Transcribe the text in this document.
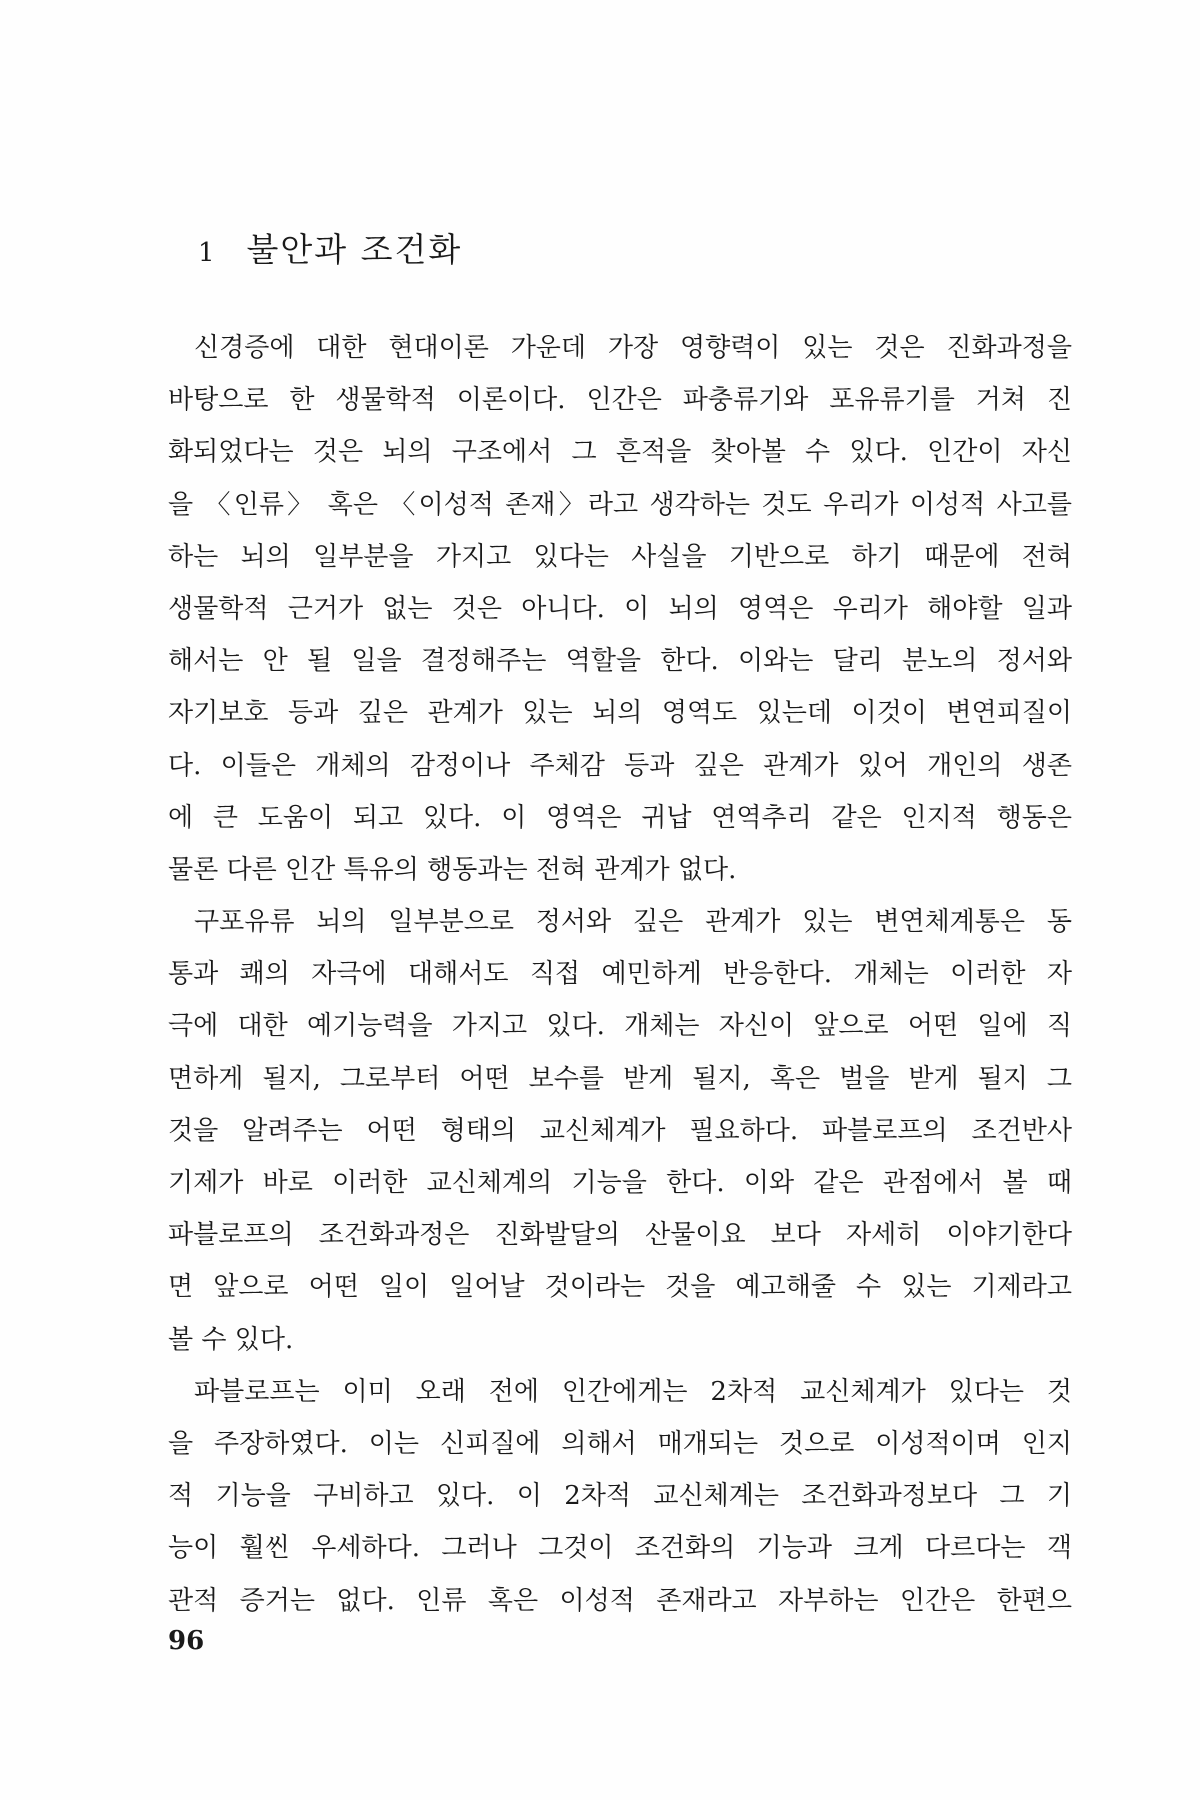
1 불안과 조건화
신경증에 대한 현대이론 가운데 가장 영향력이 있는 것은 진화과정을
바탕으로 한 생물학적 이론이다. 인간은 파충류기와 포유류기를 거쳐 진
화되었다는 것은 뇌의 구조에서 그 흔적을 찾아볼 수 있다. 인간이 자신
을 〈인류〉 혹은 〈이성적 존재〉라고 생각하는 것도 우리가 이성적 사고를
하는 뇌의 일부분을 가지고 있다는 사실을 기반으로 하기 때문에 전혀
생물학적 근거가 없는 것은 아니다. 이 뇌의 영역은 우리가 해야할 일과
해서는 안 될 일을 결정해주는 역할을 한다. 이와는 달리 분노의 정서와
자기보호 등과 깊은 관계가 있는 뇌의 영역도 있는데 이것이 변연피질이
다. 이들은 개체의 감정이나 주체감 등과 깊은 관계가 있어 개인의 생존
에 큰 도움이 되고 있다. 이 영역은 귀납 연역추리 같은 인지적 행동은
물론 다른 인간 특유의 행동과는 전혀 관계가 없다.
구포유류 뇌의 일부분으로 정서와 깊은 관계가 있는 변연체계통은 동
통과 쾌의 자극에 대해서도 직접 예민하게 반응한다. 개체는 이러한 자
극에 대한 예기능력을 가지고 있다. 개체는 자신이 앞으로 어떤 일에 직
면하게 될지, 그로부터 어떤 보수를 받게 될지, 혹은 벌을 받게 될지 그
것을 알려주는 어떤 형태의 교신체계가 필요하다. 파블로프의 조건반사
기제가 바로 이러한 교신체계의 기능을 한다. 이와 같은 관점에서 볼 때
파블로프의 조건화과정은 진화발달의 산물이요 보다 자세히 이야기한다
면 앞으로 어떤 일이 일어날 것이라는 것을 예고해줄 수 있는 기제라고
볼 수 있다.
파블로프는 이미 오래 전에 인간에게는 2차적 교신체계가 있다는 것
을 주장하였다. 이는 신피질에 의해서 매개되는 것으로 이성적이며 인지
적 기능을 구비하고 있다. 이 2차적 교신체계는 조건화과정보다 그 기
능이 훨씬 우세하다. 그러나 그것이 조건화의 기능과 크게 다르다는 객
관적 증거는 없다. 인류 혹은 이성적 존재라고 자부하는 인간은 한편으
96
